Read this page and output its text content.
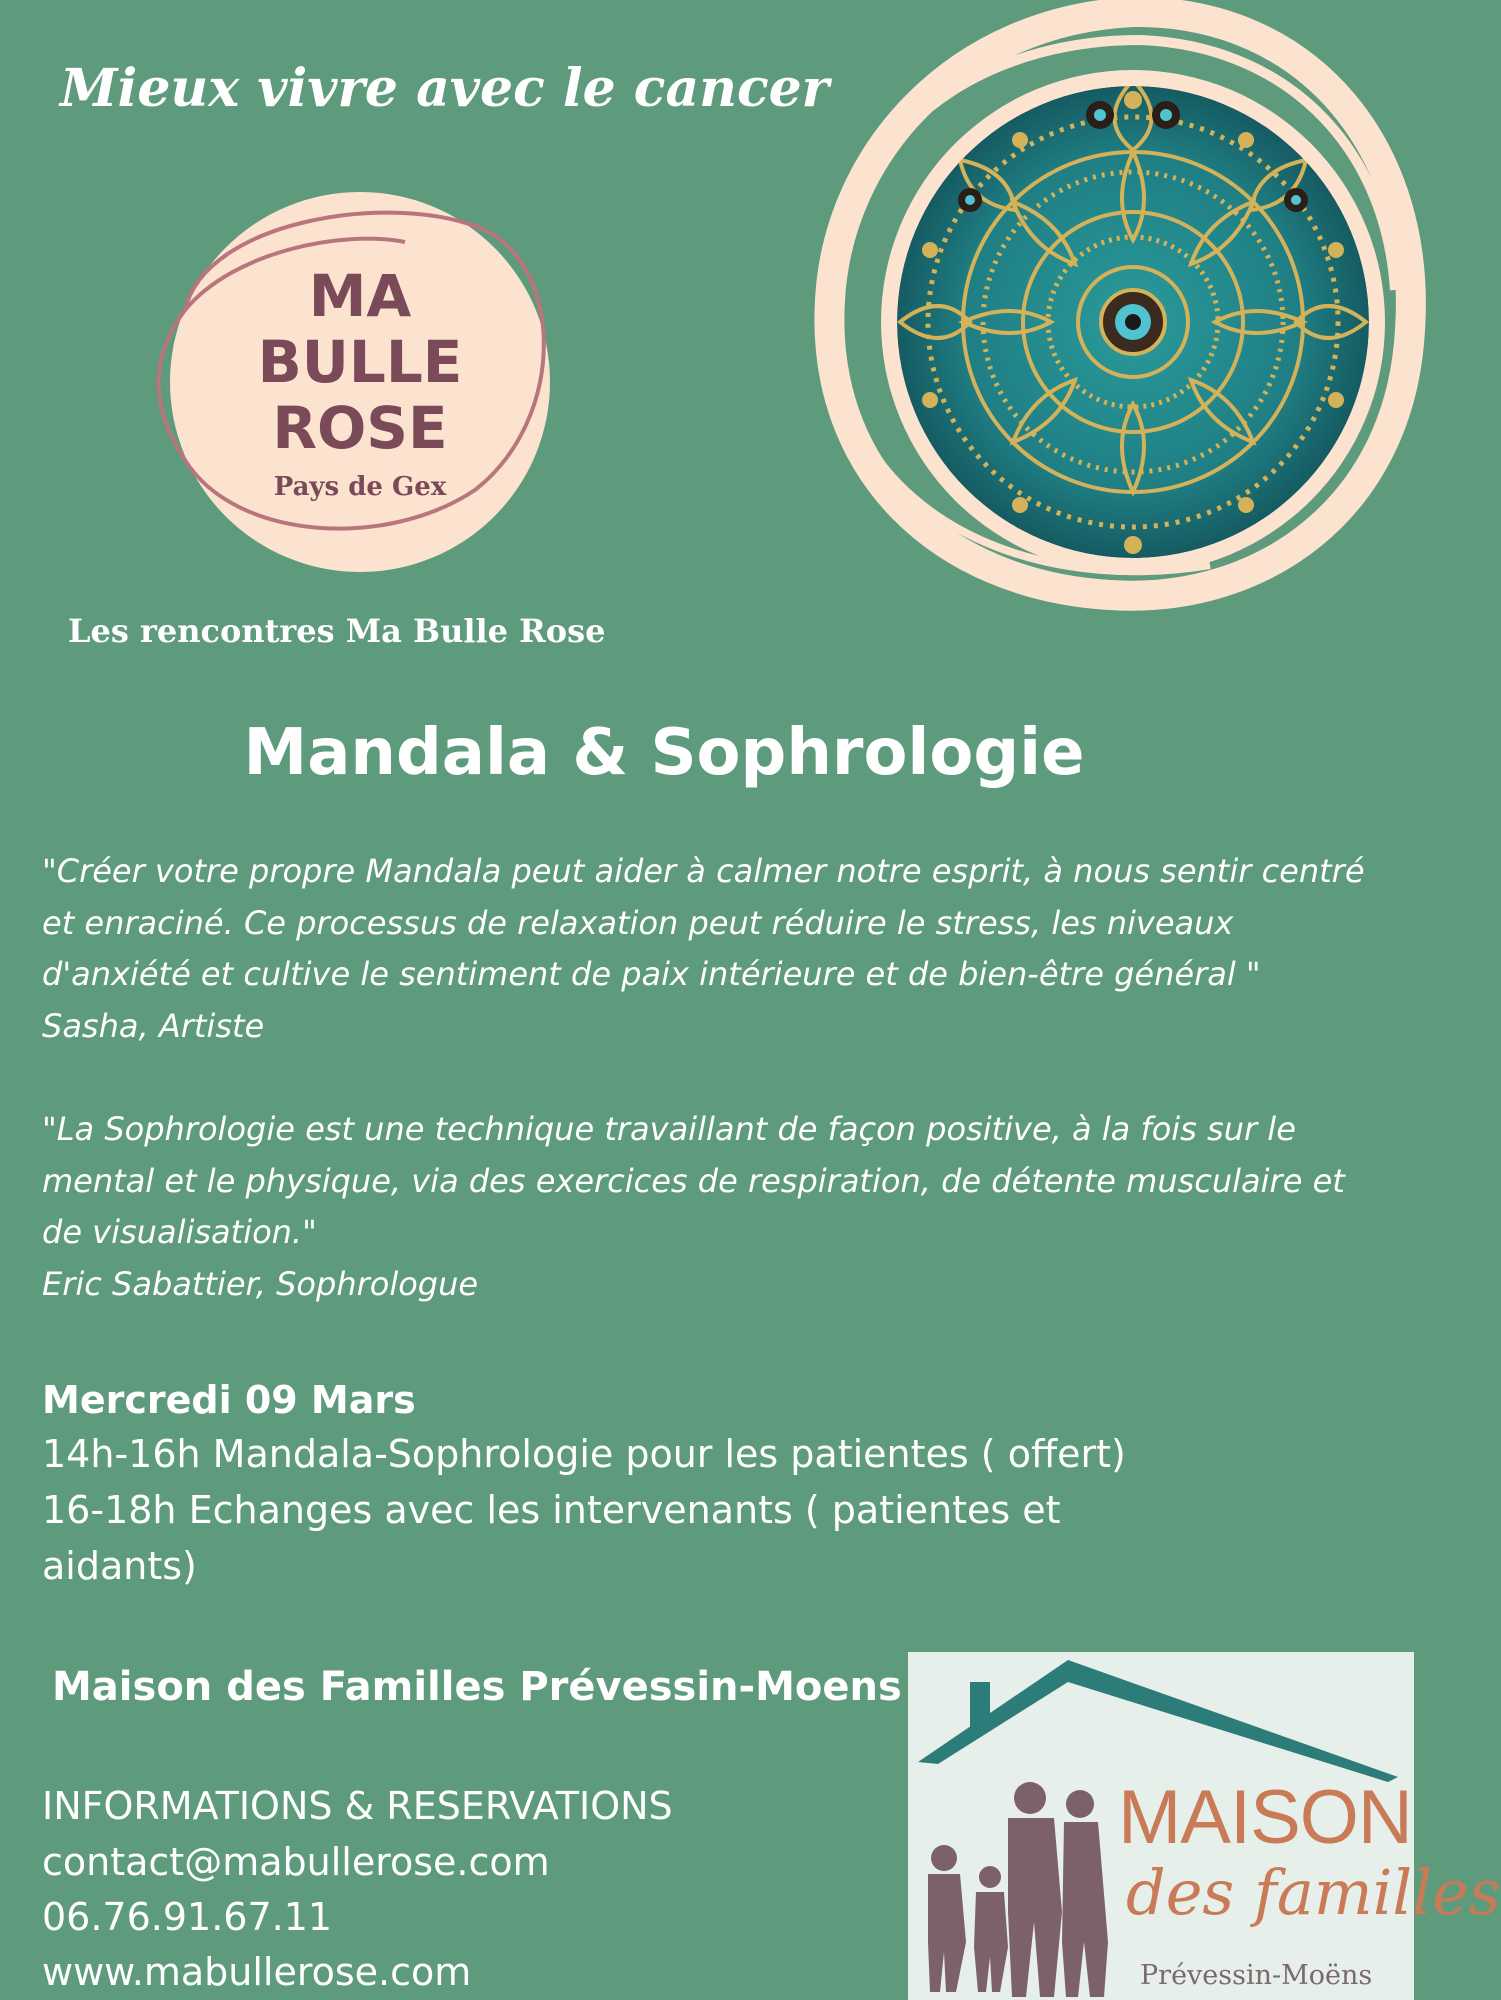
Mieux vivre avec le cancer
MA
BULLE
ROSE
Pays de Gex
Les rencontres Ma Bulle Rose
Mandala & Sophrologie
"Créer votre propre Mandala peut aider à calmer notre esprit, à nous sentir centré et enraciné. Ce processus de relaxation peut réduire le stress, les niveaux d'anxiété et cultive le sentiment de paix intérieure et de bien-être général "
Sasha, Artiste
"La Sophrologie est une technique travaillant de façon positive, à la fois sur le mental et le physique, via des exercices de respiration, de détente musculaire et de visualisation."
Eric Sabattier, Sophrologue
Mercredi 09 Mars
14h-16h Mandala-Sophrologie pour les patientes ( offert)
16-18h Echanges avec les intervenants ( patientes et
aidants)
Maison des Familles Prévessin-Moens
INFORMATIONS & RESERVATIONS
contact@mabullerose.com
06.76.91.67.11
www.mabullerose.com
MAISON
des familles
Prévessin-Moëns
